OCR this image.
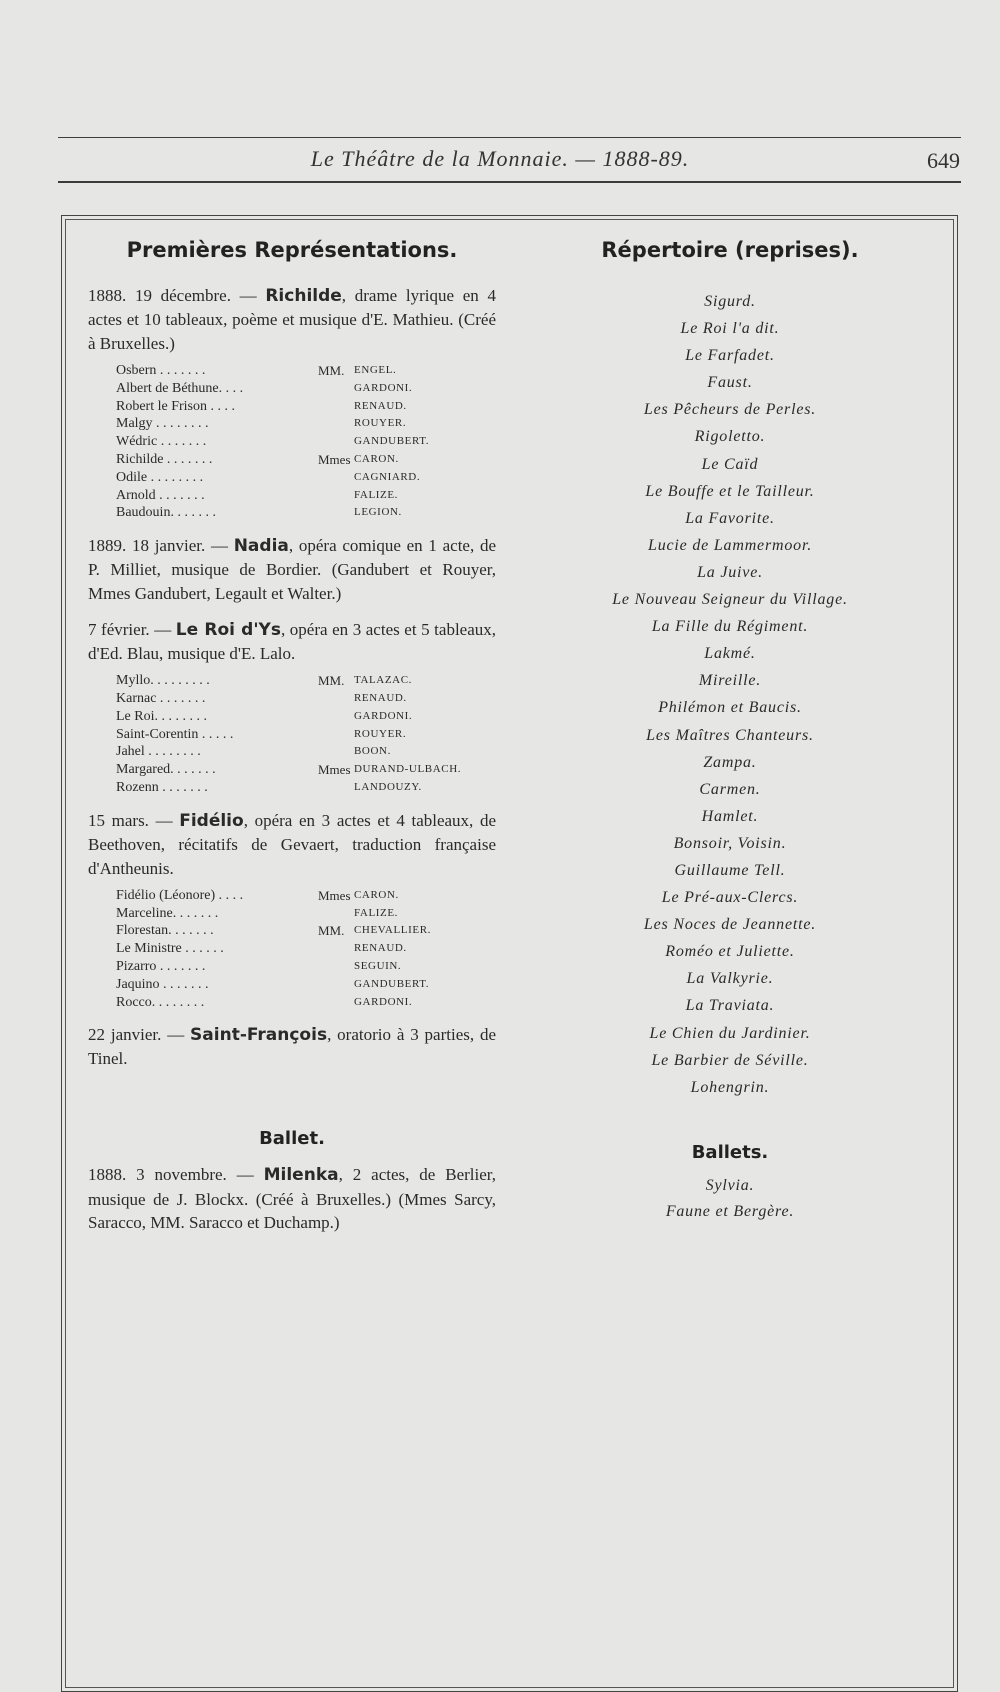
Le Théâtre de la Monnaie. — 1888-89.	649
Premières Représentations.
1888. 19 décembre. — Richilde, drame lyrique en 4 actes et 10 tableaux, poème et musique d'E. Mathieu. (Créé à Bruxelles.)
Osbern . . . . . . .	MM. ENGEL.
Albert de Béthune. . . .	GARDONI.
Robert le Frison . . . .	RENAUD.
Malgy . . . . . . . .	ROUYER.
Wédric . . . . . . .	GANDUBERT.
Richilde . . . . . . .	Mmes CARON.
Odile . . . . . . . .	CAGNIARD.
Arnold . . . . . . .	FALIZE.
Baudouin. . . . . . .	LEGION.
1889. 18 janvier. — Nadia, opéra comique en 1 acte, de P. Milliet, musique de Bordier. (Gandubert et Rouyer, Mmes Gandubert, Legault et Walter.)
7 février. — Le Roi d'Ys, opéra en 3 actes et 5 tableaux, d'Ed. Blau, musique d'E. Lalo.
Myllo. . . . . . . . .	MM. TALAZAC.
Karnac . . . . . . .	RENAUD.
Le Roi. . . . . . . .	GARDONI.
Saint-Corentin . . . . .	ROUYER.
Jahel . . . . . . . .	BOON.
Margared. . . . . . .	Mmes DURAND-ULBACH.
Rozenn . . . . . . .	LANDOUZY.
15 mars. — Fidélio, opéra en 3 actes et 4 tableaux, de Beethoven, récitatifs de Gevaert, traduction française d'Antheunis.
Fidélio (Léonore) . . . .	Mmes CARON.
Marceline. . . . . . .	FALIZE.
Florestan. . . . . . .	MM. CHEVALLIER.
Le Ministre . . . . . .	RENAUD.
Pizarro . . . . . . .	SEGUIN.
Jaquino . . . . . . .	GANDUBERT.
Rocco. . . . . . . .	GARDONI.
22 janvier. — Saint-François, oratorio à 3 parties, de Tinel.
Ballet.
1888. 3 novembre. — Milenka, 2 actes, de Berlier, musique de J. Blockx. (Créé à Bruxelles.) (Mmes Sarcy, Saracco, MM. Saracco et Duchamp.)
Répertoire (reprises).
Sigurd.
Le Roi l'a dit.
Le Farfadet.
Faust.
Les Pêcheurs de Perles.
Rigoletto.
Le Caïd
Le Bouffe et le Tailleur.
La Favorite.
Lucie de Lammermoor.
La Juive.
Le Nouveau Seigneur du Village.
La Fille du Régiment.
Lakmé.
Mireille.
Philémon et Baucis.
Les Maîtres Chanteurs.
Zampa.
Carmen.
Hamlet.
Bonsoir, Voisin.
Guillaume Tell.
Le Pré-aux-Clercs.
Les Noces de Jeannette.
Roméo et Juliette.
La Valkyrie.
La Traviata.
Le Chien du Jardinier.
Le Barbier de Séville.
Lohengrin.
Ballets.
Sylvia.
Faune et Bergère.
